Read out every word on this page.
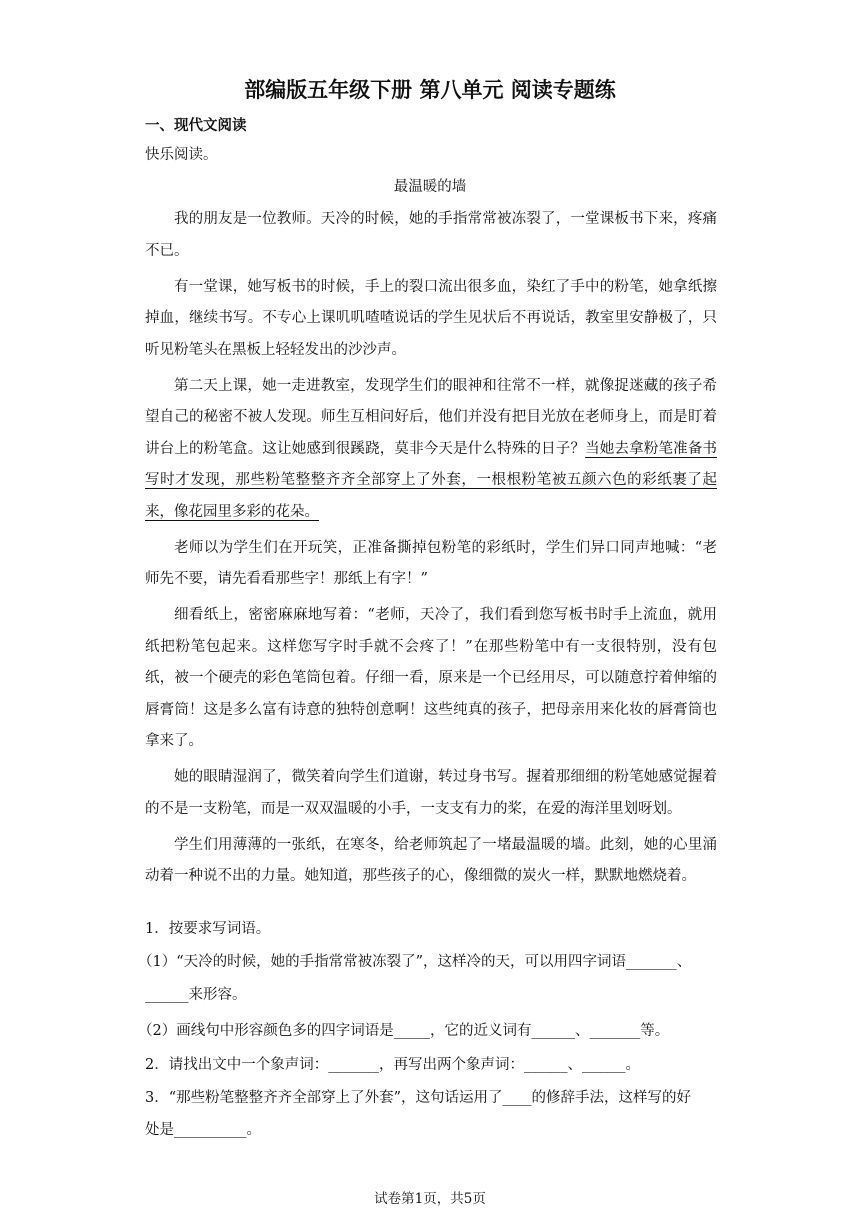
部编版五年级下册 第八单元 阅读专题练
一、现代文阅读
快乐阅读。
最温暖的墙

我的朋友是一位教师。天冷的时候，她的手指常常被冻裂了，一堂课板书下来，疼痛不已。

有一堂课，她写板书的时候，手上的裂口流出很多血，染红了手中的粉笔，她拿纸擦掉血，继续书写。不专心上课叽叽喳喳说话的学生见状后不再说话，教室里安静极了，只听见粉笔头在黑板上轻轻发出的沙沙声。

第二天上课，她一走进教室，发现学生们的眼神和往常不一样，就像捉迷藏的孩子希望自己的秘密不被人发现。师生互相问好后，他们并没有把目光放在老师身上，而是盯着讲台上的粉笔盒。这让她感到很蹊跷，莫非今天是什么特殊的日子？当她去拿粉笔准备书写时才发现，那些粉笔整整齐齐全部穿上了外套，一根根粉笔被五颜六色的彩纸裹了起来，像花园里多彩的花朵。

老师以为学生们在开玩笑，正准备撕掉包粉笔的彩纸时，学生们异口同声地喊：“老师先不要，请先看看那些字！那纸上有字！”

细看纸上，密密麻麻地写着：“老师，天冷了，我们看到您写板书时手上流血，就用纸把粉笔包起来。这样您写字时手就不会疼了！”在那些粉笔中有一支很特别，没有包纸，被一个硬壳的彩色笔筒包着。仔细一看，原来是一个已经用尽，可以随意拧着伸缩的唇膏筒！这是多么富有诗意的独特创意啊！这些纯真的孩子，把母亲用来化妆的唇膏筒也拿来了。

她的眼睛湿润了，微笑着向学生们道谢，转过身书写。握着那细细的粉笔她感觉握着的不是一支粉笔，而是一双双温暖的小手，一支支有力的桨，在爱的海洋里划呀划。

学生们用薄薄的一张纸，在寒冬，给老师筑起了一堵最温暖的墙。此刻，她的心里涌动着一种说不出的力量。她知道，那些孩子的心，像细微的炭火一样，默默地燃烧着。

1．按要求写词语。
（1）“天冷的时候，她的手指常常被冻裂了”，这样冷的天，可以用四字词语_______、
______来形容。
（2）画线句中形容颜色多的四字词语是_____，它的近义词有______、_______等。
2．请找出文中一个象声词：_______，再写出两个象声词：______、______。
3．“那些粉笔整整齐齐全部穿上了外套”，这句话运用了____的修辞手法，这样写的好
处是__________。
试卷第1页，共5页
